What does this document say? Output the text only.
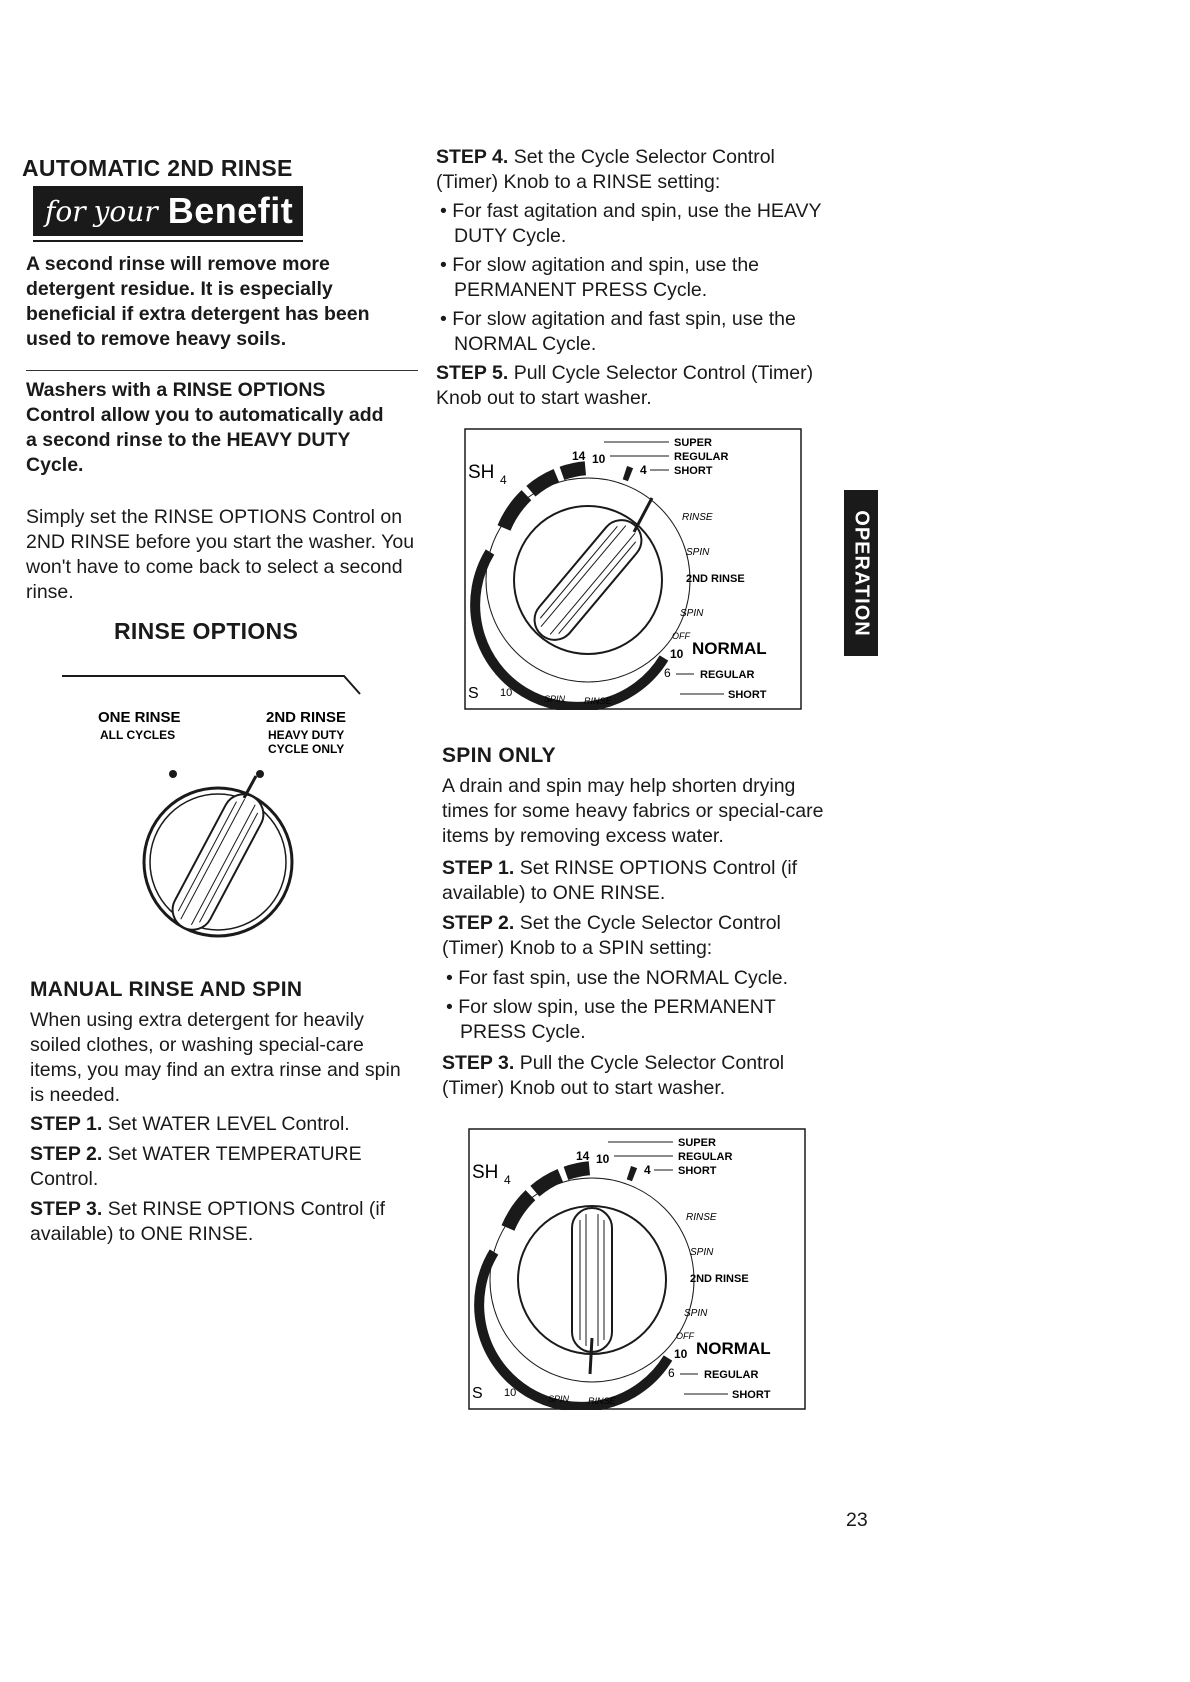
AUTOMATIC 2ND RINSE
for your Benefit
A second rinse will remove more detergent residue. It is especially beneficial if extra detergent has been used to remove heavy soils.
Washers with a RINSE OPTIONS Control allow you to automatically add a second rinse to the HEAVY DUTY Cycle.
Simply set the RINSE OPTIONS Control on 2ND RINSE before you start the washer. You won't have to come back to select a second rinse.
RINSE OPTIONS
ONE RINSE
ALL CYCLES
2ND RINSE
HEAVY DUTY
CYCLE ONLY
MANUAL RINSE AND SPIN
When using extra detergent for heavily soiled clothes, or washing special-care items, you may find an extra rinse and spin is needed.
STEP 1. Set WATER LEVEL Control.
STEP 2. Set WATER TEMPERATURE Control.
STEP 3. Set RINSE OPTIONS Control (if available) to ONE RINSE.
STEP 4. Set the Cycle Selector Control (Timer) Knob to a RINSE setting:
• For fast agitation and spin, use the HEAVY DUTY Cycle.
• For slow agitation and spin, use the PERMANENT PRESS Cycle.
• For slow agitation and fast spin, use the NORMAL Cycle.
STEP 5. Pull Cycle Selector Control (Timer) Knob out to start washer.
SUPER
14 10	REGULAR
4 SHORT
SH 4
RINSE
SPIN
2ND RINSE
SPIN
OFF
NORMAL
10
6	REGULAR
SHORT
S 10	SPIN RINSE
SPIN ONLY
A drain and spin may help shorten drying times for some heavy fabrics or special-care items by removing excess water.
STEP 1. Set RINSE OPTIONS Control (if available) to ONE RINSE.
STEP 2. Set the Cycle Selector Control (Timer) Knob to a SPIN setting:
• For fast spin, use the NORMAL Cycle.
• For slow spin, use the PERMANENT PRESS Cycle.
STEP 3. Pull the Cycle Selector Control (Timer) Knob out to start washer.
SUPER
14 10	REGULAR
4 SHORT
SH 4
RINSE
SPIN
2ND RINSE
SPIN
OFF
NORMAL
10
6	REGULAR
SHORT
S 10	SPIN RINSE
OPERATION
23
